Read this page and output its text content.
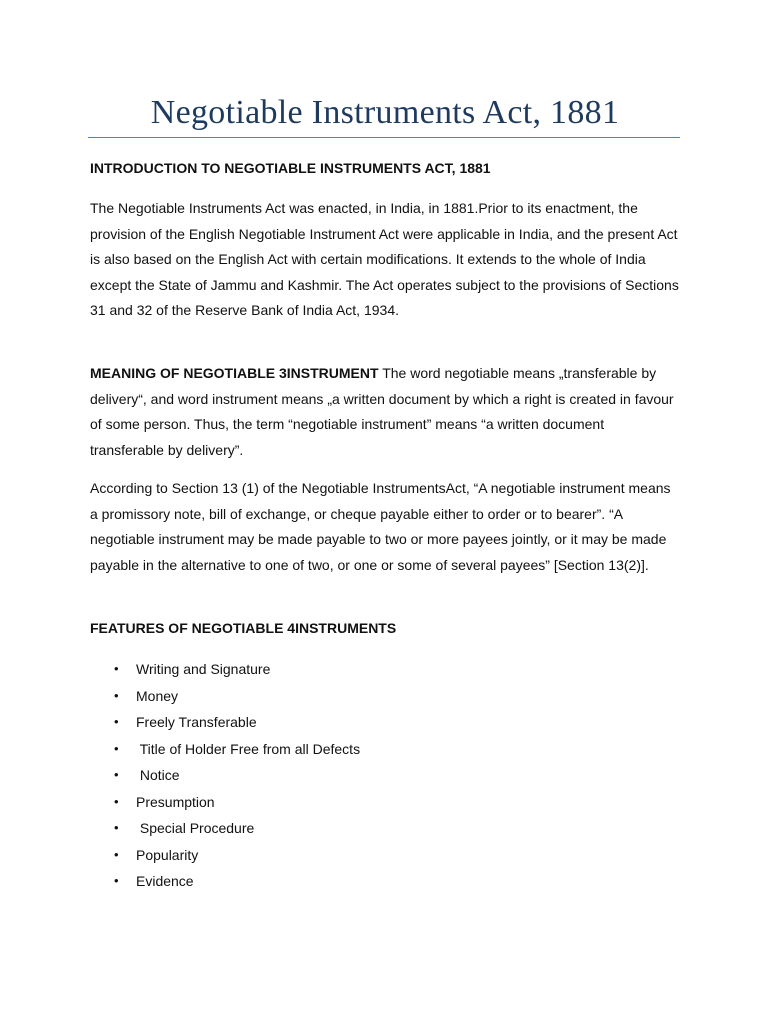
Negotiable Instruments Act, 1881
INTRODUCTION TO NEGOTIABLE INSTRUMENTS ACT, 1881
The Negotiable Instruments Act was enacted, in India, in 1881.Prior to its enactment, the provision of the English Negotiable Instrument Act were applicable in India, and the present Act is also based on the English Act with certain modifications. It extends to the whole of India except the State of Jammu and Kashmir. The Act operates subject to the provisions of Sections 31 and 32 of the Reserve Bank of India Act, 1934.
MEANING OF NEGOTIABLE 3INSTRUMENT The word negotiable means „transferable by delivery“, and word instrument means „a written document by which a right is created in favour of some person. Thus, the term “negotiable instrument” means “a written document transferable by delivery”.
According to Section 13 (1) of the Negotiable InstrumentsAct, “A negotiable instrument means a promissory note, bill of exchange, or cheque payable either to order or to bearer”. “A negotiable instrument may be made payable to two or more payees jointly, or it may be made payable in the alternative to one of two, or one or some of several payees” [Section 13(2)].
FEATURES OF NEGOTIABLE 4INSTRUMENTS
• Writing and Signature
• Money
• Freely Transferable
• Title of Holder Free from all Defects
• Notice
• Presumption
• Special Procedure
• Popularity
• Evidence
